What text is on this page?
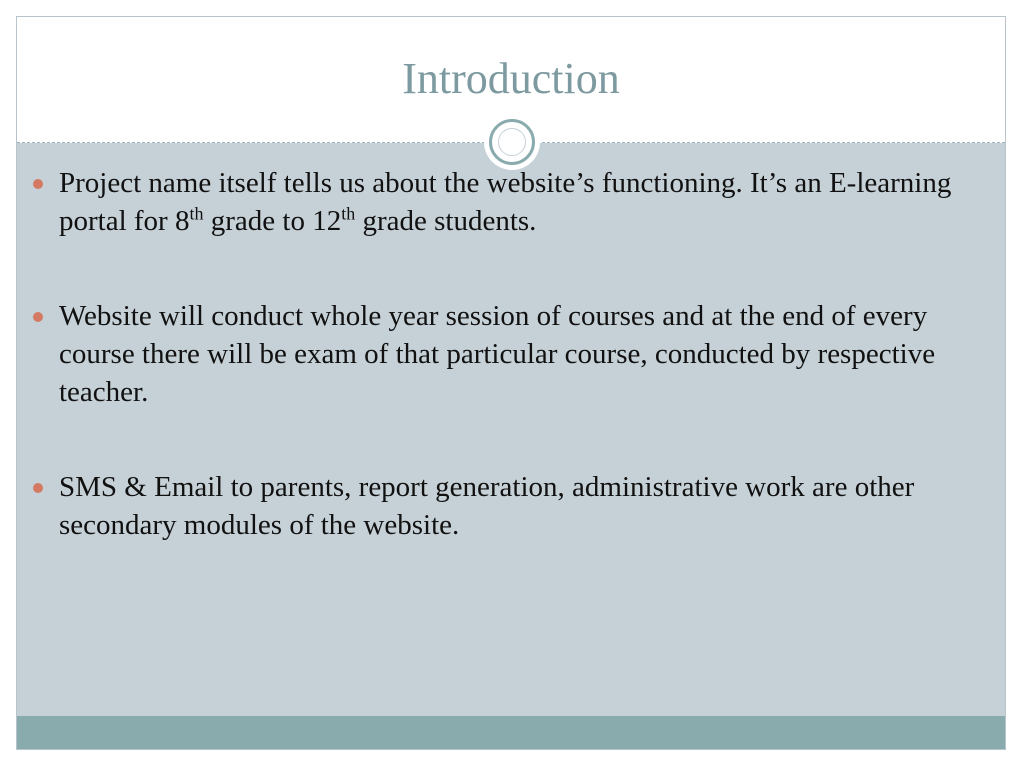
Introduction
Project name itself tells us about the website’s functioning. It’s an E-learning portal for 8th grade to 12th grade students.
Website will conduct whole year session of courses and at the end of every course there will be exam of that particular course, conducted by respective teacher.
SMS & Email to parents, report generation, administrative work are other secondary modules of the website.
